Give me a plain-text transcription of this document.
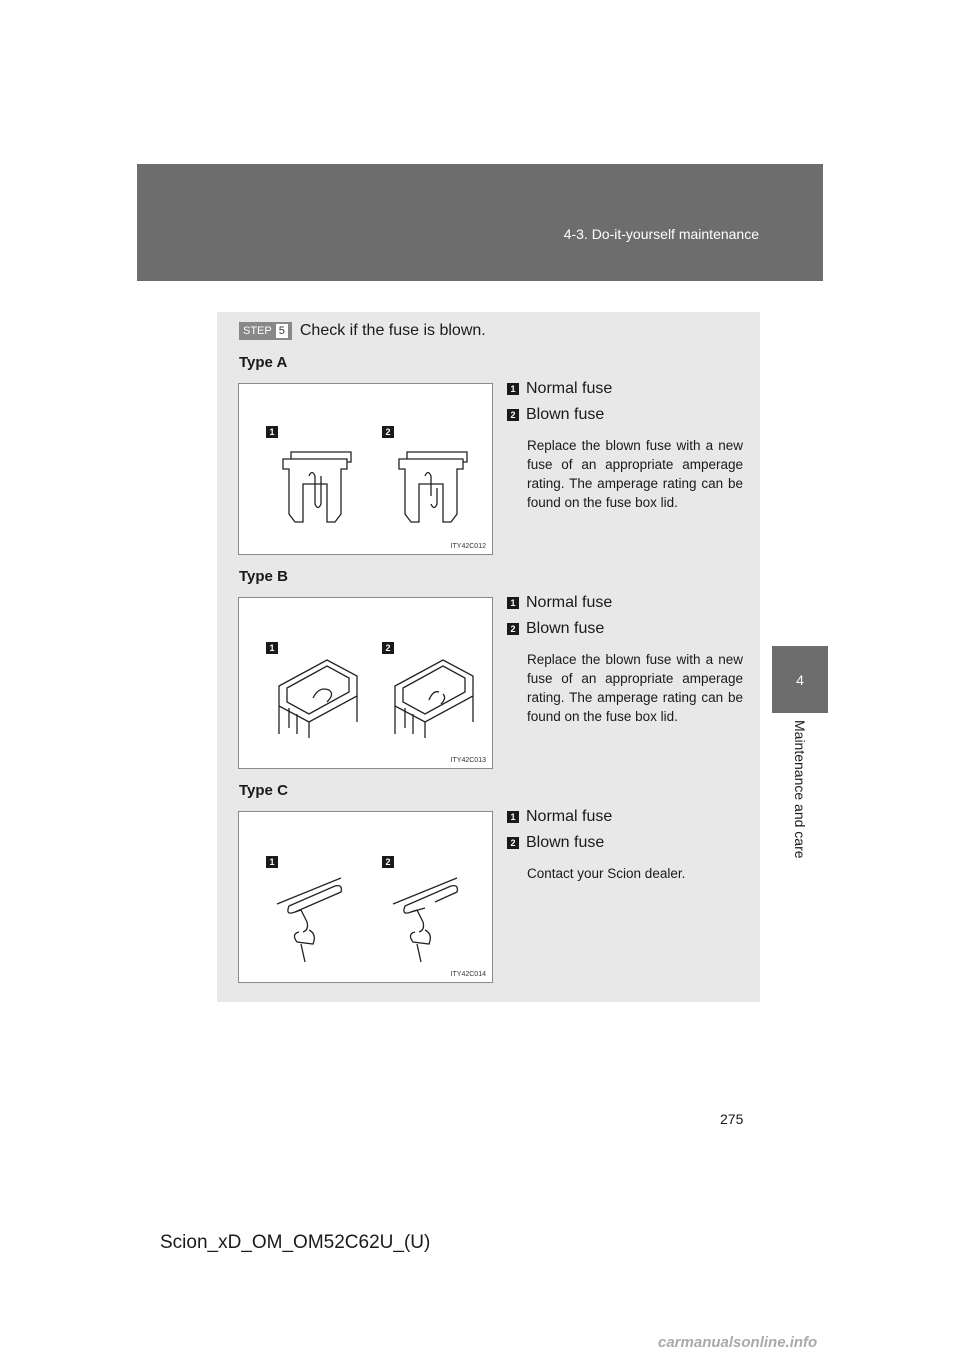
4-3. Do-it-yourself maintenance
4
Maintenance and care
STEP 5 Check if the fuse is blown.
Type A
1	2
ITY42C012
1 Normal fuse
2 Blown fuse
Replace the blown fuse with a new fuse of an appropriate amperage rating. The amperage rating can be found on the fuse box lid.
Type B
1	2
ITY42C013
1 Normal fuse
2 Blown fuse
Replace the blown fuse with a new fuse of an appropriate amperage rating. The amperage rating can be found on the fuse box lid.
Type C
1	2
ITY42C014
1 Normal fuse
2 Blown fuse
Contact your Scion dealer.
275
Scion_xD_OM_OM52C62U_(U)
carmanualsonline.info
